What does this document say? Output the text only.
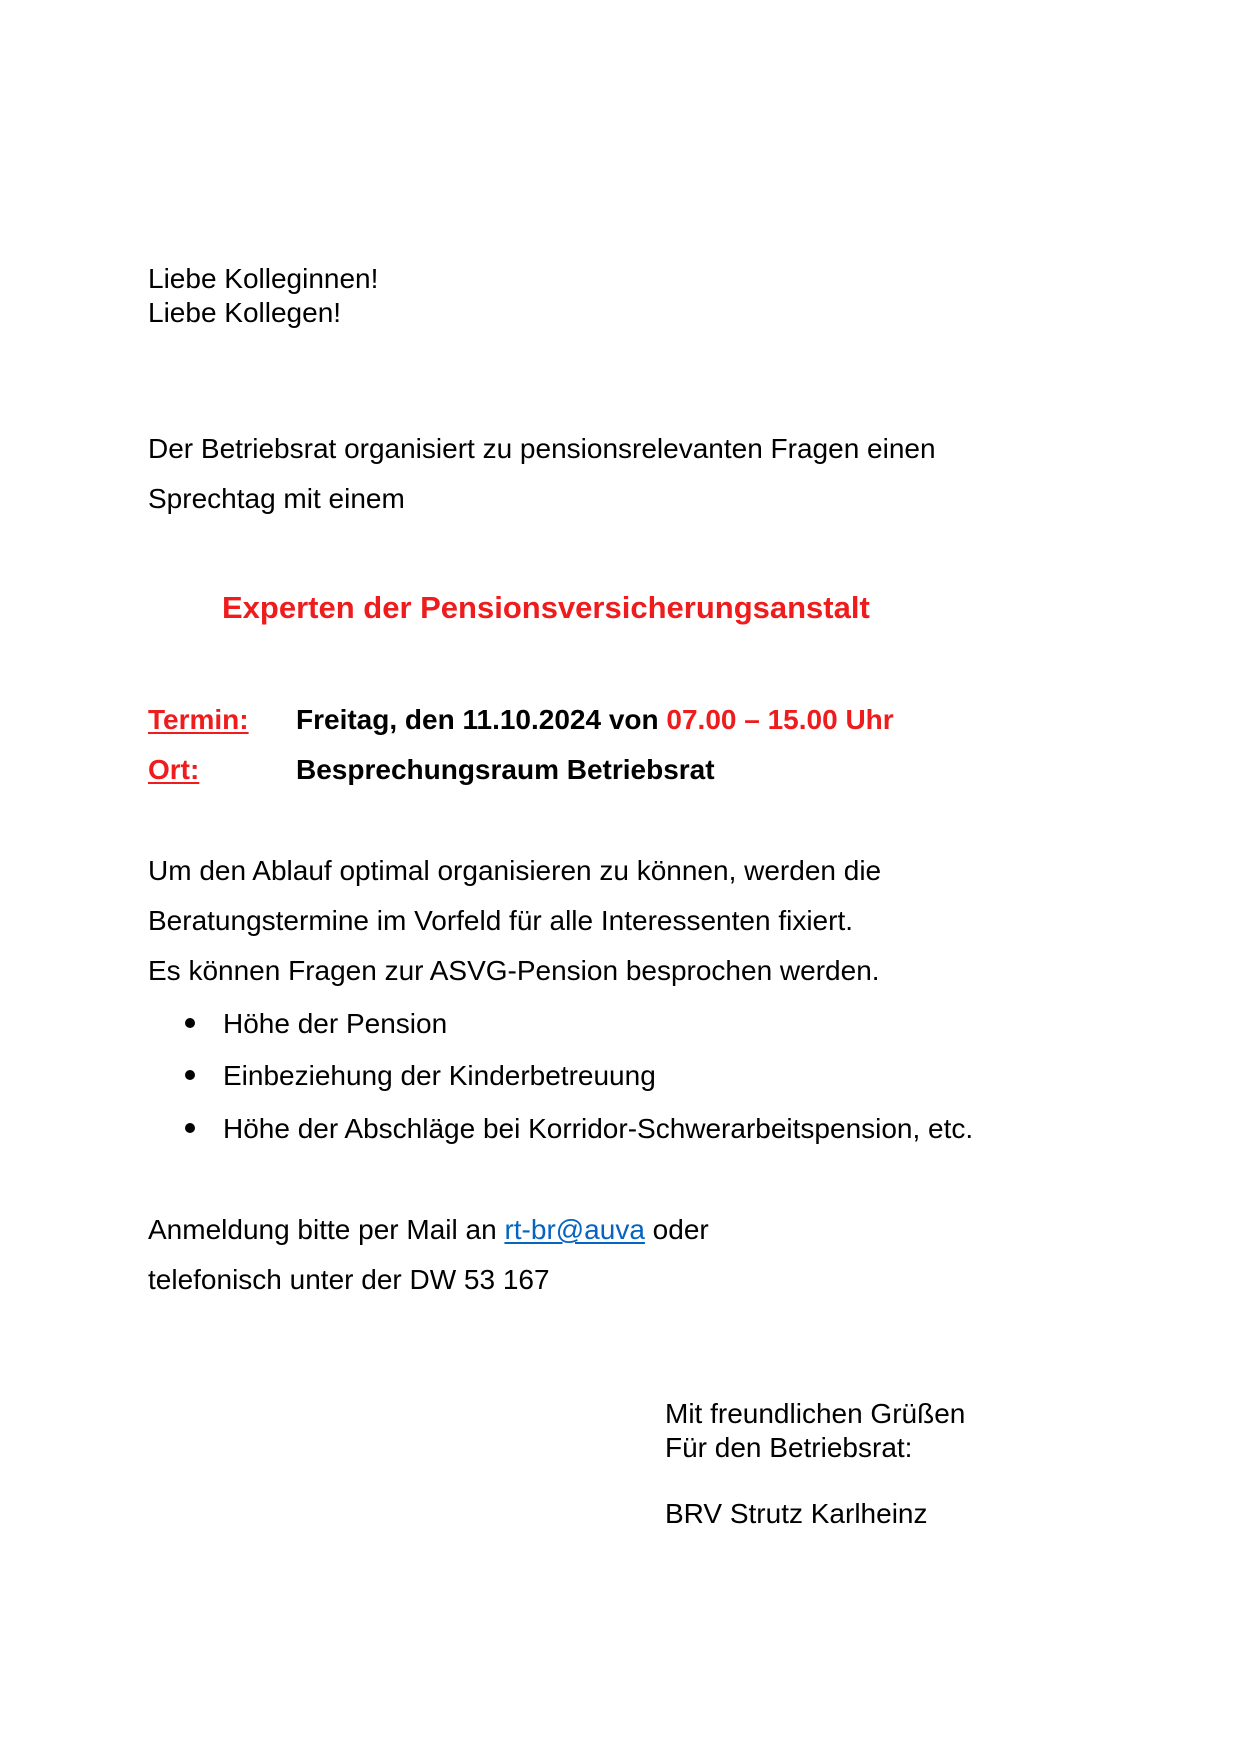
Liebe Kolleginnen!
Liebe Kollegen!
Der Betriebsrat organisiert zu pensionsrelevanten Fragen einen
Sprechtag mit einem
Experten der Pensionsversicherungsanstalt
Termin: Freitag, den 11.10.2024 von 07.00 – 15.00 Uhr
Ort:	Besprechungsraum Betriebsrat
Um den Ablauf optimal organisieren zu können, werden die
Beratungstermine im Vorfeld für alle Interessenten fixiert.
Es können Fragen zur ASVG-Pension besprochen werden.
Höhe der Pension
Einbeziehung der Kinderbetreuung
Höhe der Abschläge bei Korridor-Schwerarbeitspension, etc.
Anmeldung bitte per Mail an rt-br@auva oder
telefonisch unter der DW 53 167
Mit freundlichen Grüßen
Für den Betriebsrat:
BRV Strutz Karlheinz
